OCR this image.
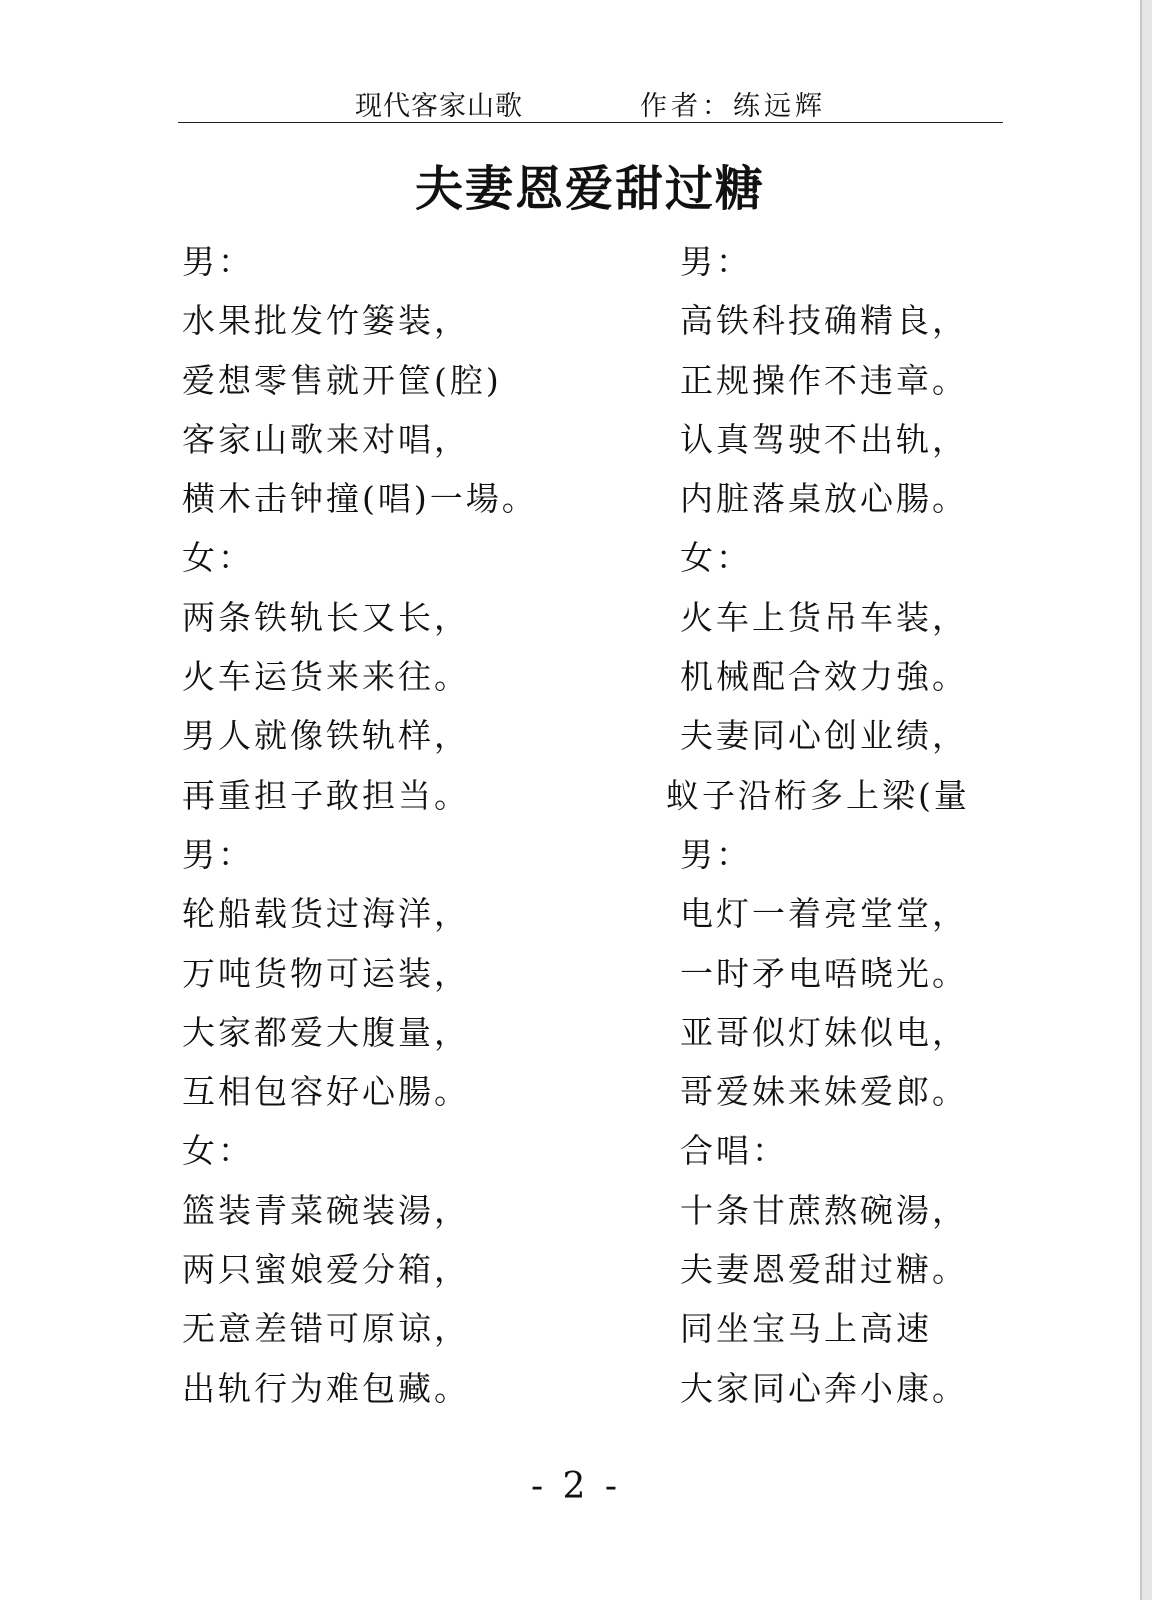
现代客家山歌	作者：练远辉
夫妻恩爱甜过糖
男：
水果批发竹篓装，
爱想零售就开筐(腔)
客家山歌来对唱，
横木击钟撞(唱)一場。
女：
两条铁轨长又长，
火车运货来来往。
男人就像铁轨样，
再重担子敢担当。
男：
轮船载货过海洋，
万吨货物可运装，
大家都爱大腹量，
互相包容好心腸。
女：
篮装青菜碗装湯，
两只蜜娘爱分箱，
无意差错可原谅，
出轨行为难包藏。
男：
高铁科技确精良，
正规操作不违章。
认真驾驶不出轨，
内脏落桌放心腸。
女：
火车上货吊车装，
机械配合效力強。
夫妻同心创业绩，
蚁子沿桁多上梁(量
男：
电灯一着亮堂堂，
一时矛电唔晓光。
亚哥似灯妹似电，
哥爱妹来妹爱郎。
合唱：
十条甘蔗熬碗湯，
夫妻恩爱甜过糖。
同坐宝马上高速
大家同心奔小康。
- 2 -
